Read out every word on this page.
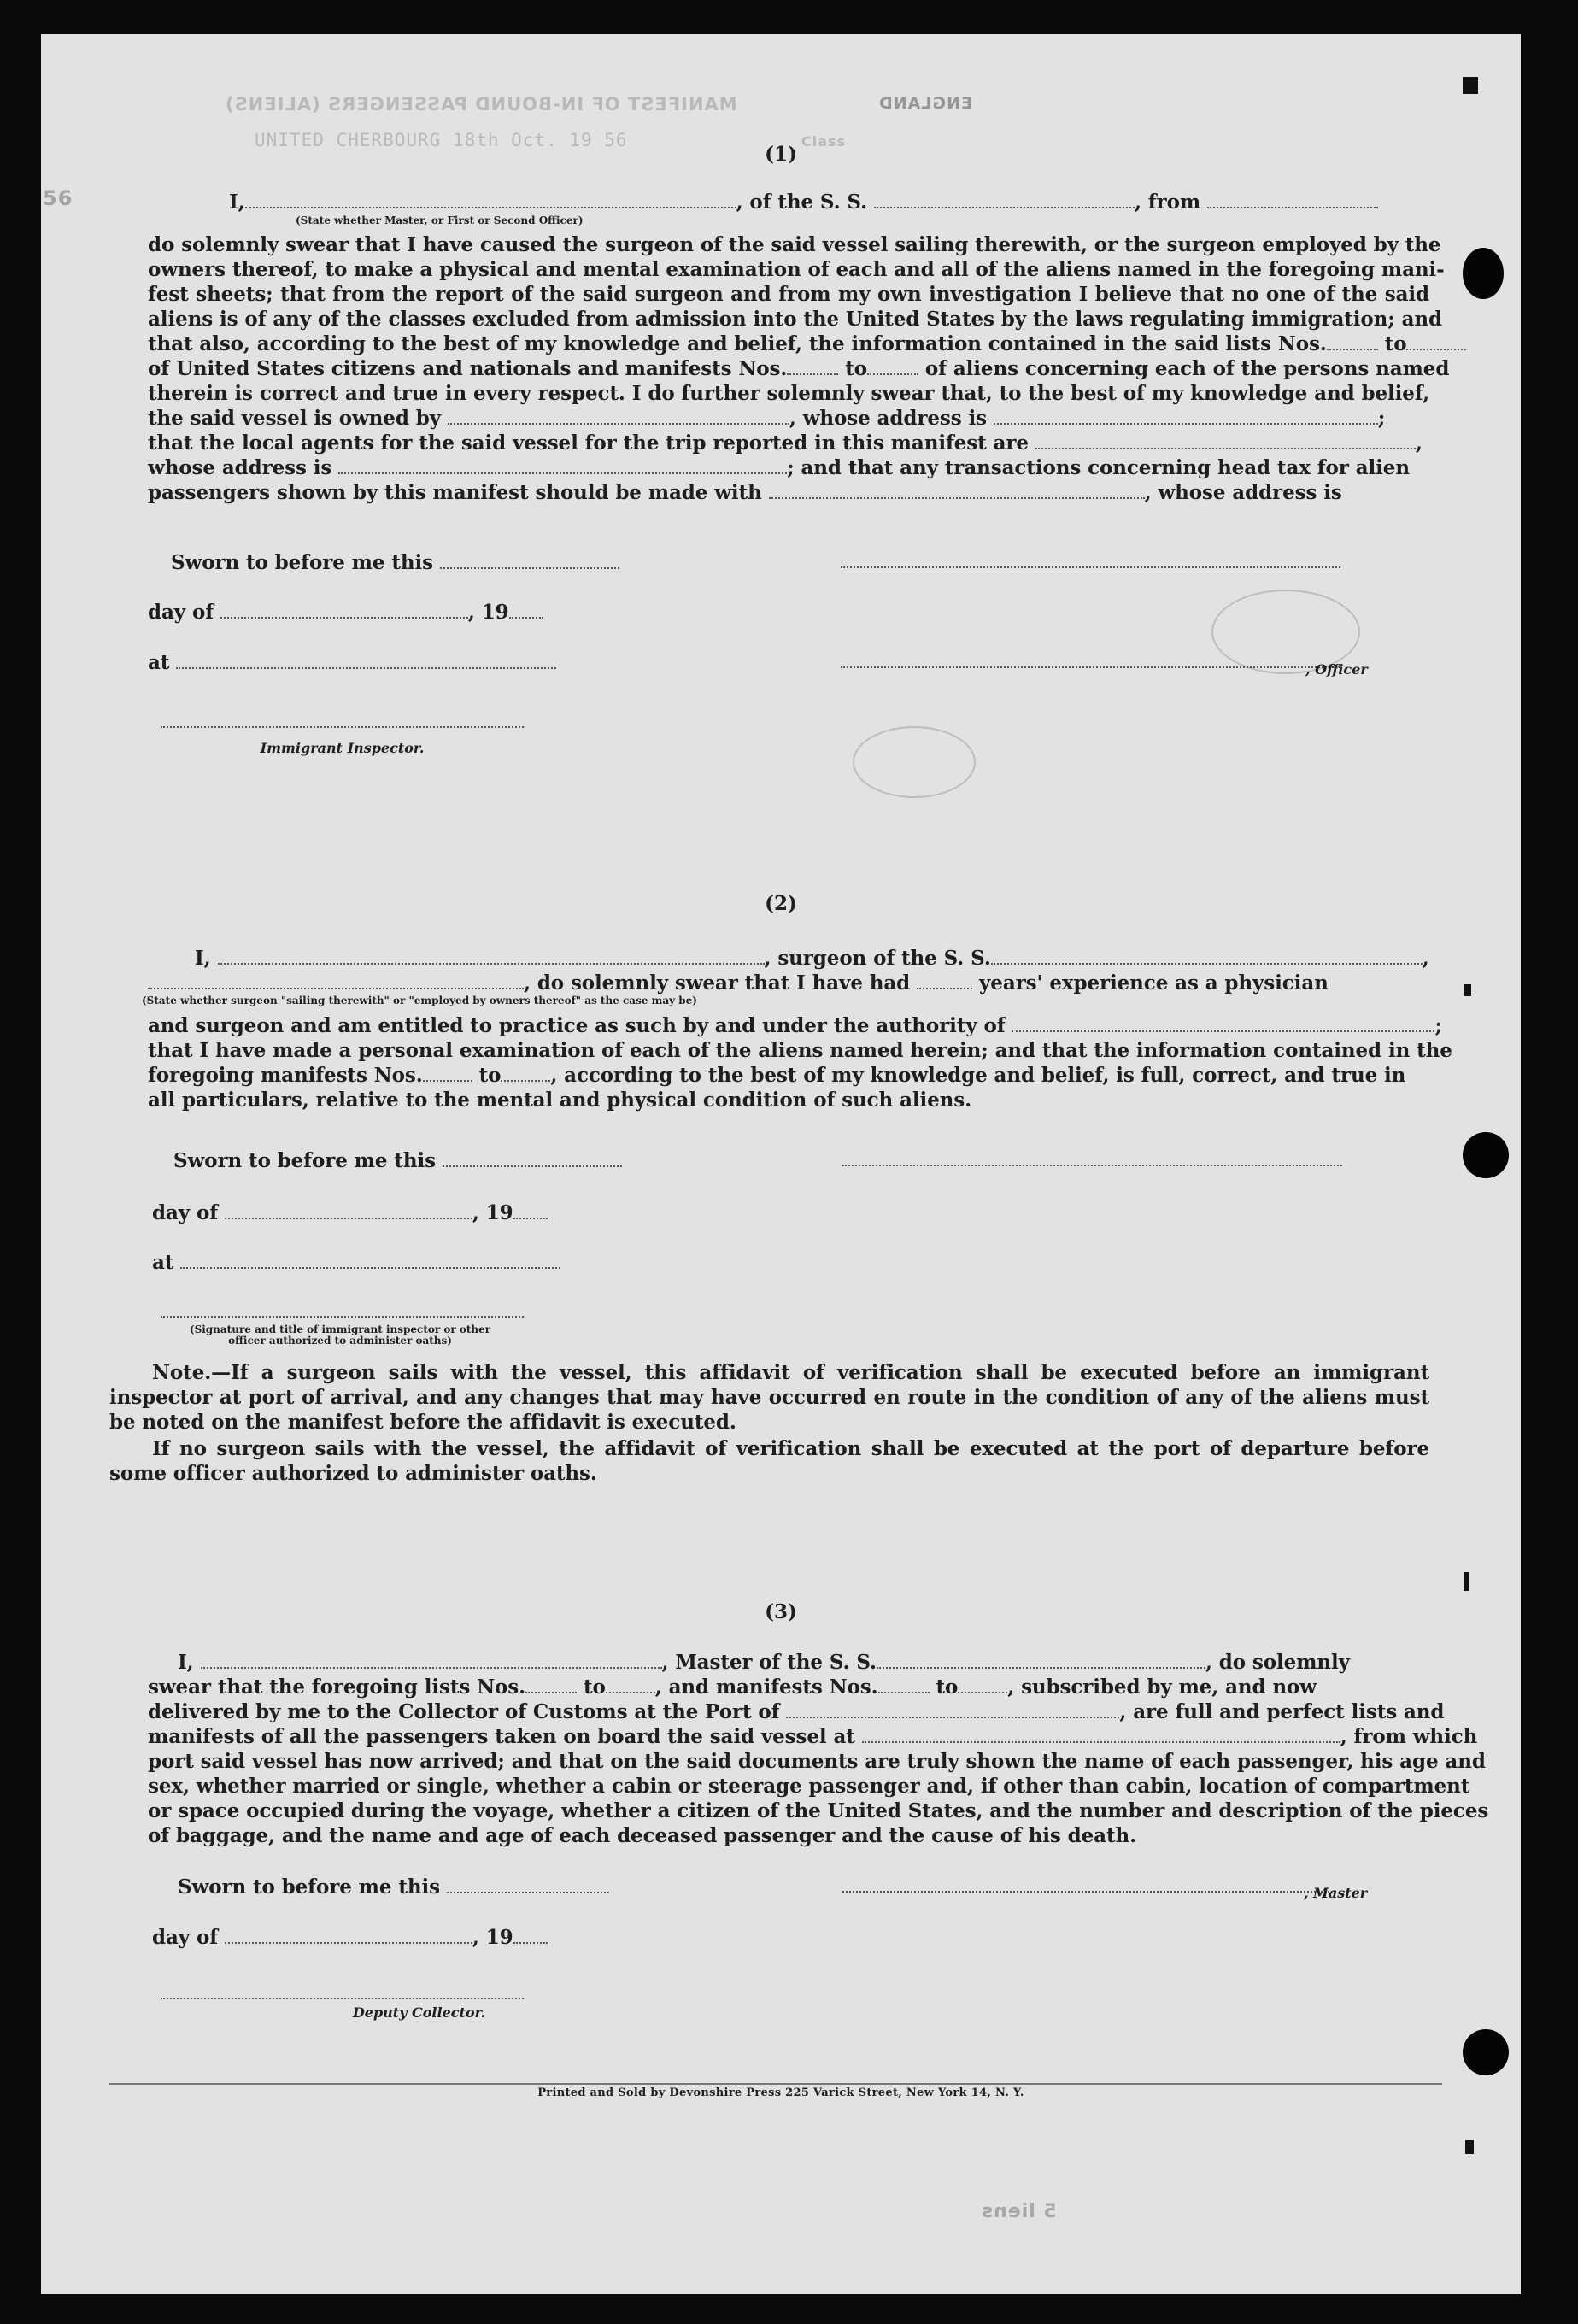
MANIFEST OF IN-BOUND PASSENGERS (ALIENS)
UNITED CHERBOURG 18th Oct. 19 56	Class
ENGLAND
56
(1)
I,	, of the S. S.	, from
(State whether Master, or First or Second Officer)
do solemnly swear that I have caused the surgeon of the said vessel sailing therewith, or the surgeon employed by the
owners thereof, to make a physical and mental examination of each and all of the aliens named in the foregoing mani-
fest sheets; that from the report of the said surgeon and from my own investigation I believe that no one of the said
aliens is of any of the classes excluded from admission into the United States by the laws regulating immigration; and
that also, according to the best of my knowledge and belief, the information contained in the said lists Nos.	to
of United States citizens and nationals and manifests Nos.	to	of aliens concerning each of the persons named
therein is correct and true in every respect. I do further solemnly swear that, to the best of my knowledge and belief,
the said vessel is owned by	, whose address is	;
that the local agents for the said vessel for the trip reported in this manifest are	,
whose address is	; and that any transactions concerning head tax for alien
passengers shown by this manifest should be made with	, whose address is
Sworn to before me this
day of	, 19
at	, Officer
Immigrant Inspector.
(2)
I,	, surgeon of the S. S.	,
, do solemnly swear that I have had	years' experience as a physician
(State whether surgeon "sailing therewith" or "employed by owners thereof" as the case may be)
and surgeon and am entitled to practice as such by and under the authority of	;
that I have made a personal examination of each of the aliens named herein; and that the information contained in the
foregoing manifests Nos.	to	, according to the best of my knowledge and belief, is full, correct, and true in
all particulars, relative to the mental and physical condition of such aliens.
Sworn to before me this
day of	, 19
at
(Signature and title of immigrant inspector or other officer authorized to administer oaths)
Note.—If a surgeon sails with the vessel, this affidavit of verification shall be executed before an immigrant
inspector at port of arrival, and any changes that may have occurred en route in the condition of any of the aliens must
be noted on the manifest before the affidavit is executed.
If no surgeon sails with the vessel, the affidavit of verification shall be executed at the port of departure before
some officer authorized to administer oaths.
(3)
I,	, Master of the S. S.	, do solemnly
swear that the foregoing lists Nos.	to	, and manifests Nos.	to	, subscribed by me, and now
delivered by me to the Collector of Customs at the Port of	, are full and perfect lists and
manifests of all the passengers taken on board the said vessel at	, from which
port said vessel has now arrived; and that on the said documents are truly shown the name of each passenger, his age and
sex, whether married or single, whether a cabin or steerage passenger and, if other than cabin, location of compartment
or space occupied during the voyage, whether a citizen of the United States, and the number and description of the pieces
of baggage, and the name and age of each deceased passenger and the cause of his death.
Sworn to before me this	, Master
day of	, 19
Deputy Collector.
Printed and Sold by Devonshire Press 225 Varick Street, New York 14, N. Y.
5 liens
